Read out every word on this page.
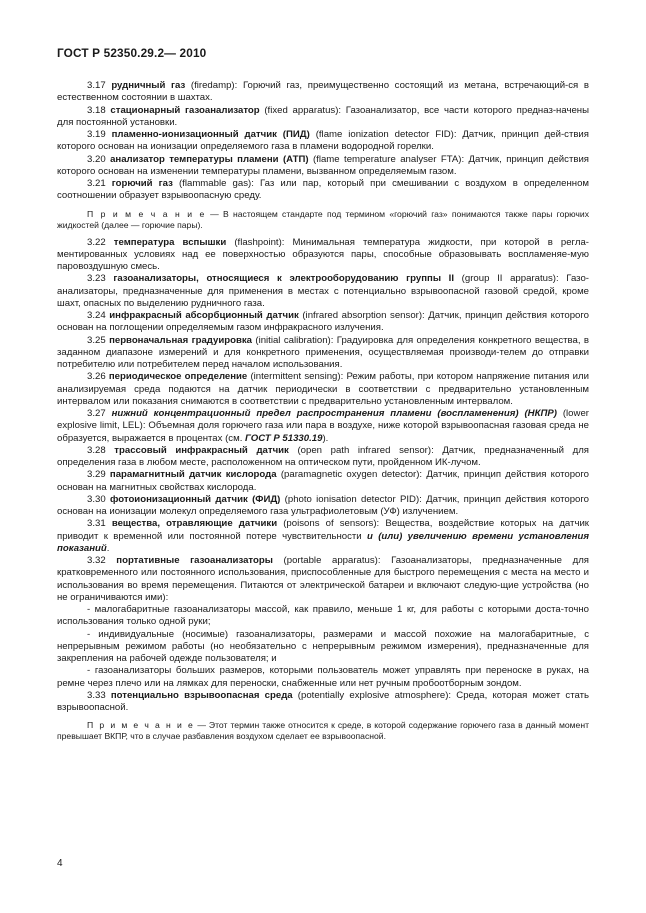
ГОСТ Р 52350.29.2— 2010

3.17 рудничный газ (firedamp): Горючий газ, преимущественно состоящий из метана, встречающий-ся в естественном состоянии в шахтах.

3.18 стационарный газоанализатор (fixed apparatus): Газоанализатор, все части которого предназ-начены для постоянной установки.

3.19 пламенно-ионизационный датчик (ПИД) (flame ionization detector FID): Датчик, принцип дей-ствия которого основан на ионизации определяемого газа в пламени водородной горелки.

3.20 анализатор температуры пламени (АТП) (flame temperature analyser FTA): Датчик, принцип действия которого основан на изменении температуры пламени, вызванном определяемым газом.

3.21 горючий газ (flammable gas): Газ или пар, который при смешивании с воздухом в определенном соотношении образует взрывоопасную среду.

П р и м е ч а н и е — В настоящем стандарте под термином «горючий газ» понимаются также пары горючих жидкостей (далее — горючие пары).

3.22 температура вспышки (flashpoint): Минимальная температура жидкости, при которой в регла-ментированных условиях над ее поверхностью образуются пары, способные образовывать воспламеняе-мую паровоздушную смесь.

3.23 газоанализаторы, относящиеся к электрооборудованию группы II (group II apparatus): Газо-анализаторы, предназначенные для применения в местах с потенциально взрывоопасной газовой средой, кроме шахт, опасных по выделению рудничного газа.

3.24 инфракрасный абсорбционный датчик (infrared absorption sensor): Датчик, принцип действия которого основан на поглощении определяемым газом инфракрасного излучения.

3.25 первоначальная градуировка (initial calibration): Градуировка для определения конкретного вещества, в заданном диапазоне измерений и для конкретного применения, осуществляемая производи-телем до отправки потребителю или потребителем перед началом использования.

3.26 периодическое определение (intermittent sensing): Режим работы, при котором напряжение питания или анализируемая среда подаются на датчик периодически в соответствии с предварительно установленным интервалом или показания снимаются в соответствии с предварительно установленным интервалом.

3.27 нижний концентрационный предел распространения пламени (воспламенения) (НКПР) (lower explosive limit, LEL): Объемная доля горючего газа или пара в воздухе, ниже которой взрывоопасная газовая среда не образуется, выражается в процентах (см. ГОСТ Р 51330.19).

3.28 трассовый инфракрасный датчик (open path infrared sensor): Датчик, предназначенный для определения газа в любом месте, расположенном на оптическом пути, пройденном ИК-лучом.

3.29 парамагнитный датчик кислорода (paramagnetic oxygen detector): Датчик, принцип действия которого основан на магнитных свойствах кислорода.

3.30 фотоионизационный датчик (ФИД) (photo ionisation detector PID): Датчик, принцип действия которого основан на ионизации молекул определяемого газа ультрафиолетовым (УФ) излучением.

3.31 вещества, отравляющие датчики (poisons of sensors): Вещества, воздействие которых на датчик приводит к временной или постоянной потере чувствительности и (или) увеличению времени установления показаний.

3.32 портативные газоанализаторы (portable apparatus): Газоанализаторы, предназначенные для кратковременного или постоянного использования, приспособленные для быстрого перемещения с места на место и использования во время перемещения. Питаются от электрической батареи и включают следую-щие устройства (но не ограничиваются ими):

- малогабаритные газоанализаторы массой, как правило, меньше 1 кг, для работы с которыми доста-точно использования только одной руки;

- индивидуальные (носимые) газоанализаторы, размерами и массой похожие на малогабаритные, с непрерывным режимом работы (но необязательно с непрерывным режимом измерения), предназначенные для закрепления на рабочей одежде пользователя; и

- газоанализаторы больших размеров, которыми пользователь может управлять при переноске в руках, на ремне через плечо или на лямках для переноски, снабженные или нет ручным пробоотборным зондом.

3.33 потенциально взрывоопасная среда (potentially explosive atmosphere): Среда, которая может стать взрывоопасной.

П р и м е ч а н и е — Этот термин также относится к среде, в которой содержание горючего газа в данный момент превышает ВКПР, что в случае разбавления воздухом сделает ее взрывоопасной.

4
